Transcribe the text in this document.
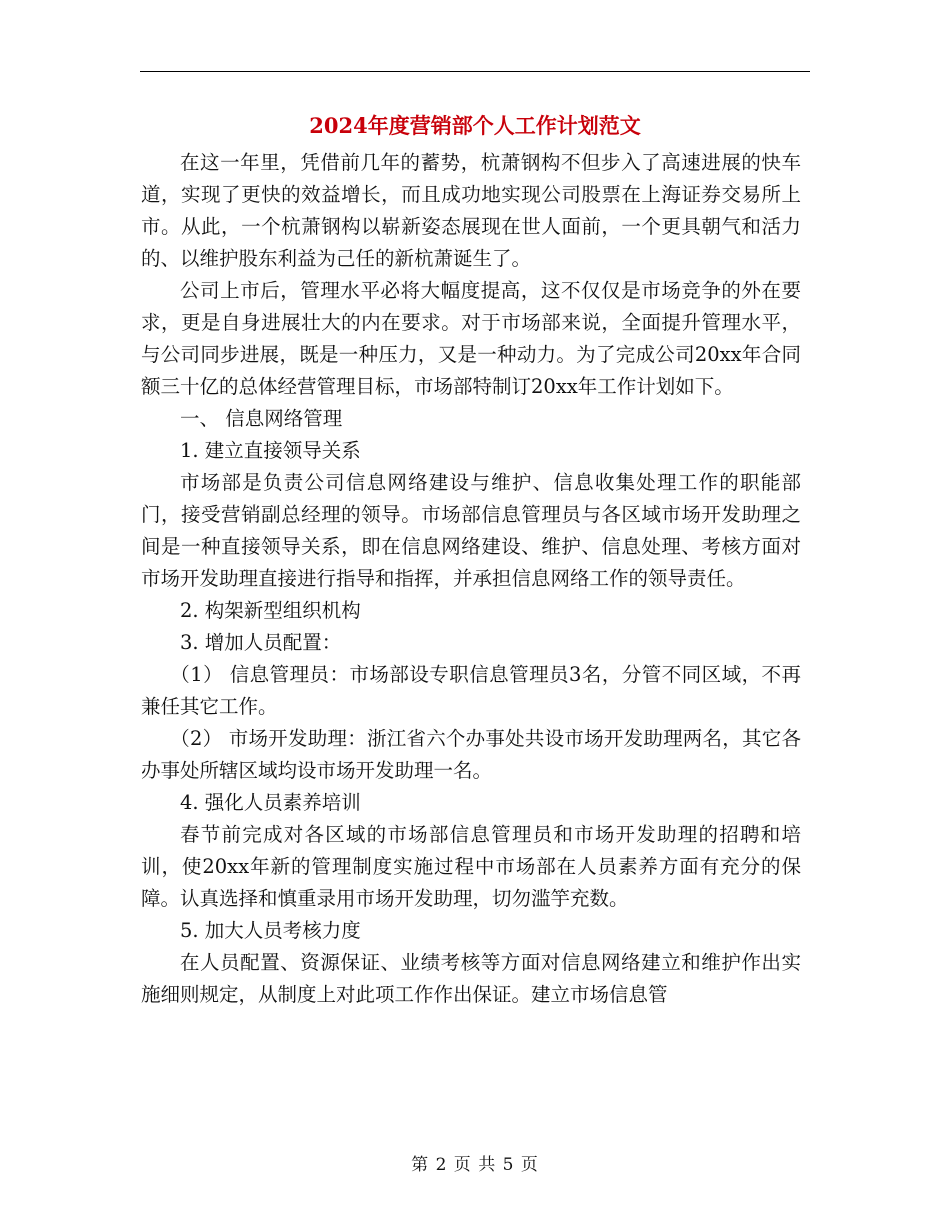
2024年度营销部个人工作计划范文

在这一年里，凭借前几年的蓄势，杭萧钢构不但步入了高速进展的快车道，实现了更快的效益增长，而且成功地实现公司股票在上海证券交易所上市。从此，一个杭萧钢构以崭新姿态展现在世人面前，一个更具朝气和活力的、以维护股东利益为己任的新杭萧诞生了。

公司上市后，管理水平必将大幅度提高，这不仅仅是市场竞争的外在要求，更是自身进展壮大的内在要求。对于市场部来说，全面提升管理水平，与公司同步进展，既是一种压力，又是一种动力。为了完成公司20xx年合同额三十亿的总体经营管理目标，市场部特制订20xx年工作计划如下。

一、 信息网络管理

1. 建立直接领导关系

市场部是负责公司信息网络建设与维护、信息收集处理工作的职能部门，接受营销副总经理的领导。市场部信息管理员与各区域市场开发助理之间是一种直接领导关系，即在信息网络建设、维护、信息处理、考核方面对市场开发助理直接进行指导和指挥，并承担信息网络工作的领导责任。

2. 构架新型组织机构

3. 增加人员配置：

（1） 信息管理员：市场部设专职信息管理员3名，分管不同区域，不再兼任其它工作。

（2） 市场开发助理：浙江省六个办事处共设市场开发助理两名，其它各办事处所辖区域均设市场开发助理一名。

4. 强化人员素养培训

春节前完成对各区域的市场部信息管理员和市场开发助理的招聘和培训，使20xx年新的管理制度实施过程中市场部在人员素养方面有充分的保障。认真选择和慎重录用市场开发助理，切勿滥竽充数。

5. 加大人员考核力度

在人员配置、资源保证、业绩考核等方面对信息网络建立和维护作出实施细则规定，从制度上对此项工作作出保证。建立市场信息管

第 2 页 共 5 页
